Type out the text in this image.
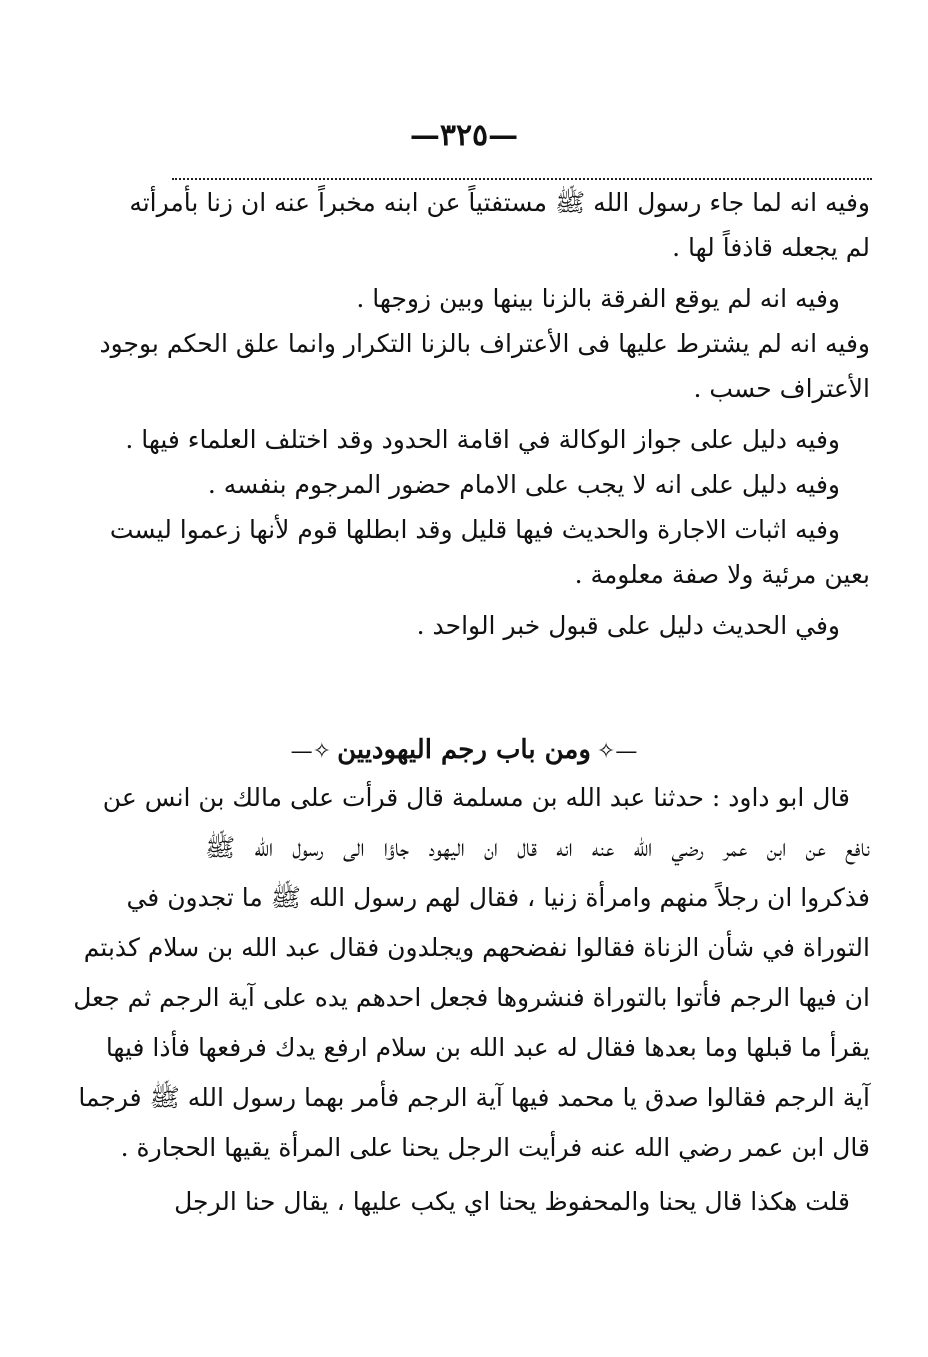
—٣٢٥—
وفيه انه لما جاء رسول الله ﷺ مستفتياً عن ابنه مخبراً عنه ان زنا بأمرأته
لم يجعله قاذفاً لها .
وفيه انه لم يوقع الفرقة بالزنا بينها وبين زوجها .
وفيه انه لم يشترط عليها فى الأعتراف بالزنا التكرار وانما علق الحكم بوجود
الأعتراف حسب .
وفيه دليل على جواز الوكالة في اقامة الحدود وقد اختلف العلماء فيها .
وفيه دليل على انه لا يجب على الامام حضور المرجوم بنفسه .
وفيه اثبات الاجارة والحديث فيها قليل وقد ابطلها قوم لأنها زعموا ليست
بعين مرئية ولا صفة معلومة .
وفي الحديث دليل على قبول خبر الواحد .
—✧ومن باب رجم اليهوديين✧—
قال ابو داود : حدثنا عبد الله بن مسلمة قال قرأت على مالك بن انس عن
نافع عن ابن عمر رضي الله عنه انه قال ان اليهود جاؤا الى رسول الله ﷺ
فذكروا ان رجلاً منهم وامرأة زنيا ، فقال لهم رسول الله ﷺ ما تجدون في
التوراة في شأن الزناة فقالوا نفضحهم ويجلدون فقال عبد الله بن سلام كذبتم
ان فيها الرجم فأتوا بالتوراة فنشروها فجعل احدهم يده على آية الرجم ثم جعل
يقرأ ما قبلها وما بعدها فقال له عبد الله بن سلام ارفع يدك فرفعها فأذا فيها
آية الرجم فقالوا صدق يا محمد فيها آية الرجم فأمر بهما رسول الله ﷺ فرجما
قال ابن عمر رضي الله عنه فرأيت الرجل يحنا على المرأة يقيها الحجارة .
قلت هكذا قال يحنا والمحفوظ يحنا اي يكب عليها ، يقال حنا الرجل
